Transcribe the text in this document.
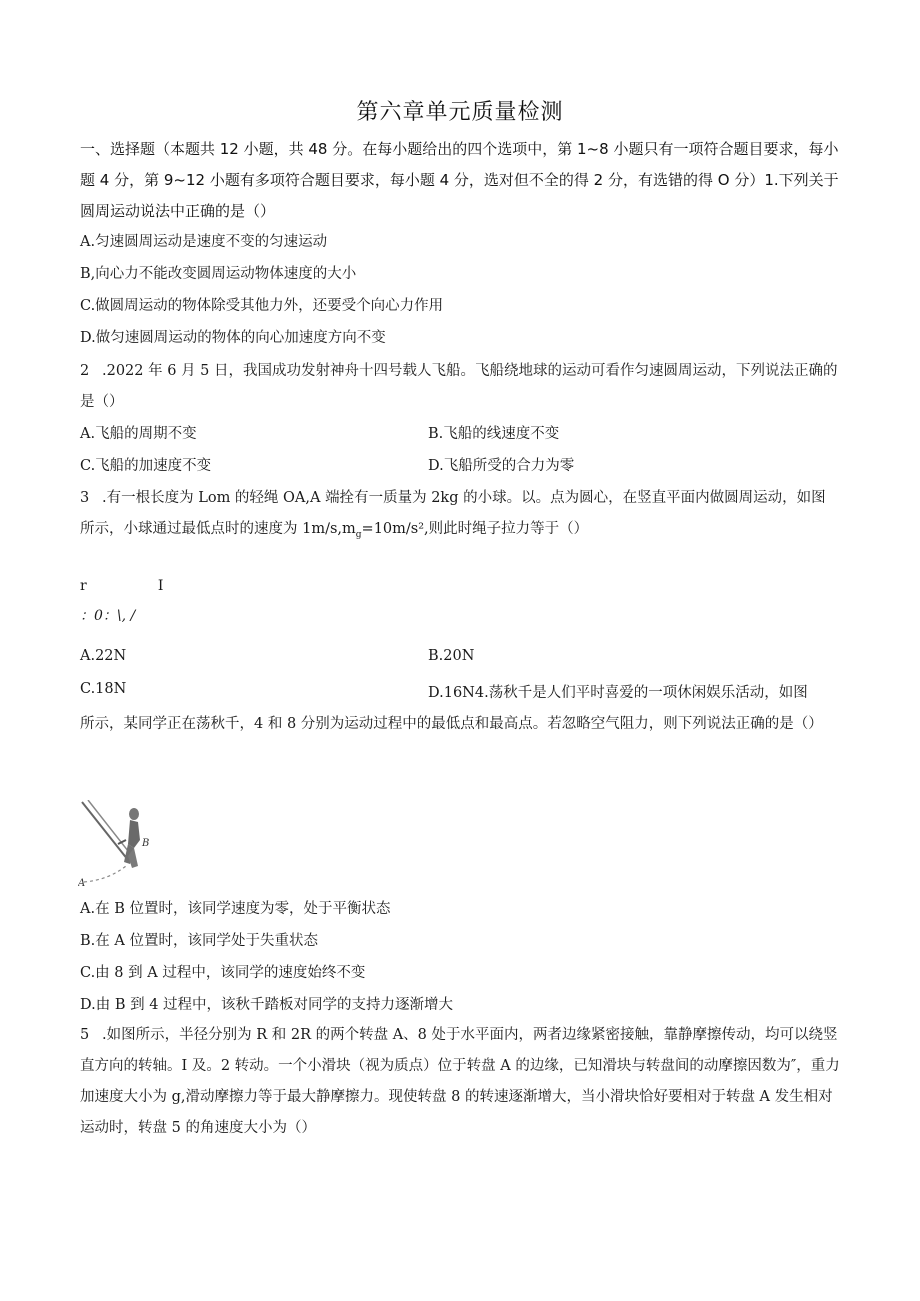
第六章单元质量检测
一、选择题（本题共 12 小题，共 48 分。在每小题给出的四个选项中，第 1~8 小题只有一项符合题目要求，每小题 4 分，第 9~12 小题有多项符合题目要求，每小题 4 分，选对但不全的得 2 分，有选错的得 O 分）1.下列关于圆周运动说法中正确的是（）
A.匀速圆周运动是速度不变的匀速运动
B,向心力不能改变圆周运动物体速度的大小
C.做圆周运动的物体除受其他力外，还要受个向心力作用
D.做匀速圆周运动的物体的向心加速度方向不变
2 .2022 年 6 月 5 日，我国成功发射神舟十四号载人飞船。飞船绕地球的运动可看作匀速圆周运动，下列说法正确的是（）
A.飞船的周期不变	B.飞船的线速度不变
C.飞船的加速度不变	D.飞船所受的合力为零
3 .有一根长度为 Lom 的轻绳 OA,A 端拴有一质量为 2kg 的小球。以。点为圆心，在竖直平面内做圆周运动，如图所示，小球通过最低点时的速度为 $1m∕s,m_g=10m∕s^2$,则此时绳子拉力等于（）
r                I
：0：\, /
A.22N	B.20N
C.18N	D.16N4.荡秋千是人们平时喜爱的一项休闲娱乐活动，如图
所示，某同学正在荡秋千，4 和 8 分别为运动过程中的最低点和最高点。若忽略空气阻力，则下列说法正确的是（）
B
A
A.在 B 位置时，该同学速度为零，处于平衡状态
B.在 A 位置时，该同学处于失重状态
C.由 8 到 A 过程中，该同学的速度始终不变
D.由 B 到 4 过程中，该秋千踏板对同学的支持力逐渐增大
5 .如图所示，半径分别为 R 和 2R 的两个转盘 A、8 处于水平面内，两者边缘紧密接触，靠静摩擦传动，均可以绕竖直方向的转轴。I 及。2 转动。一个小滑块（视为质点）位于转盘 A 的边缘，已知滑块与转盘间的动摩擦因数为″，重力加速度大小为 g,滑动摩擦力等于最大静摩擦力。现使转盘 8 的转速逐渐增大，当小滑块恰好要相对于转盘 A 发生相对运动时，转盘 5 的角速度大小为（）
